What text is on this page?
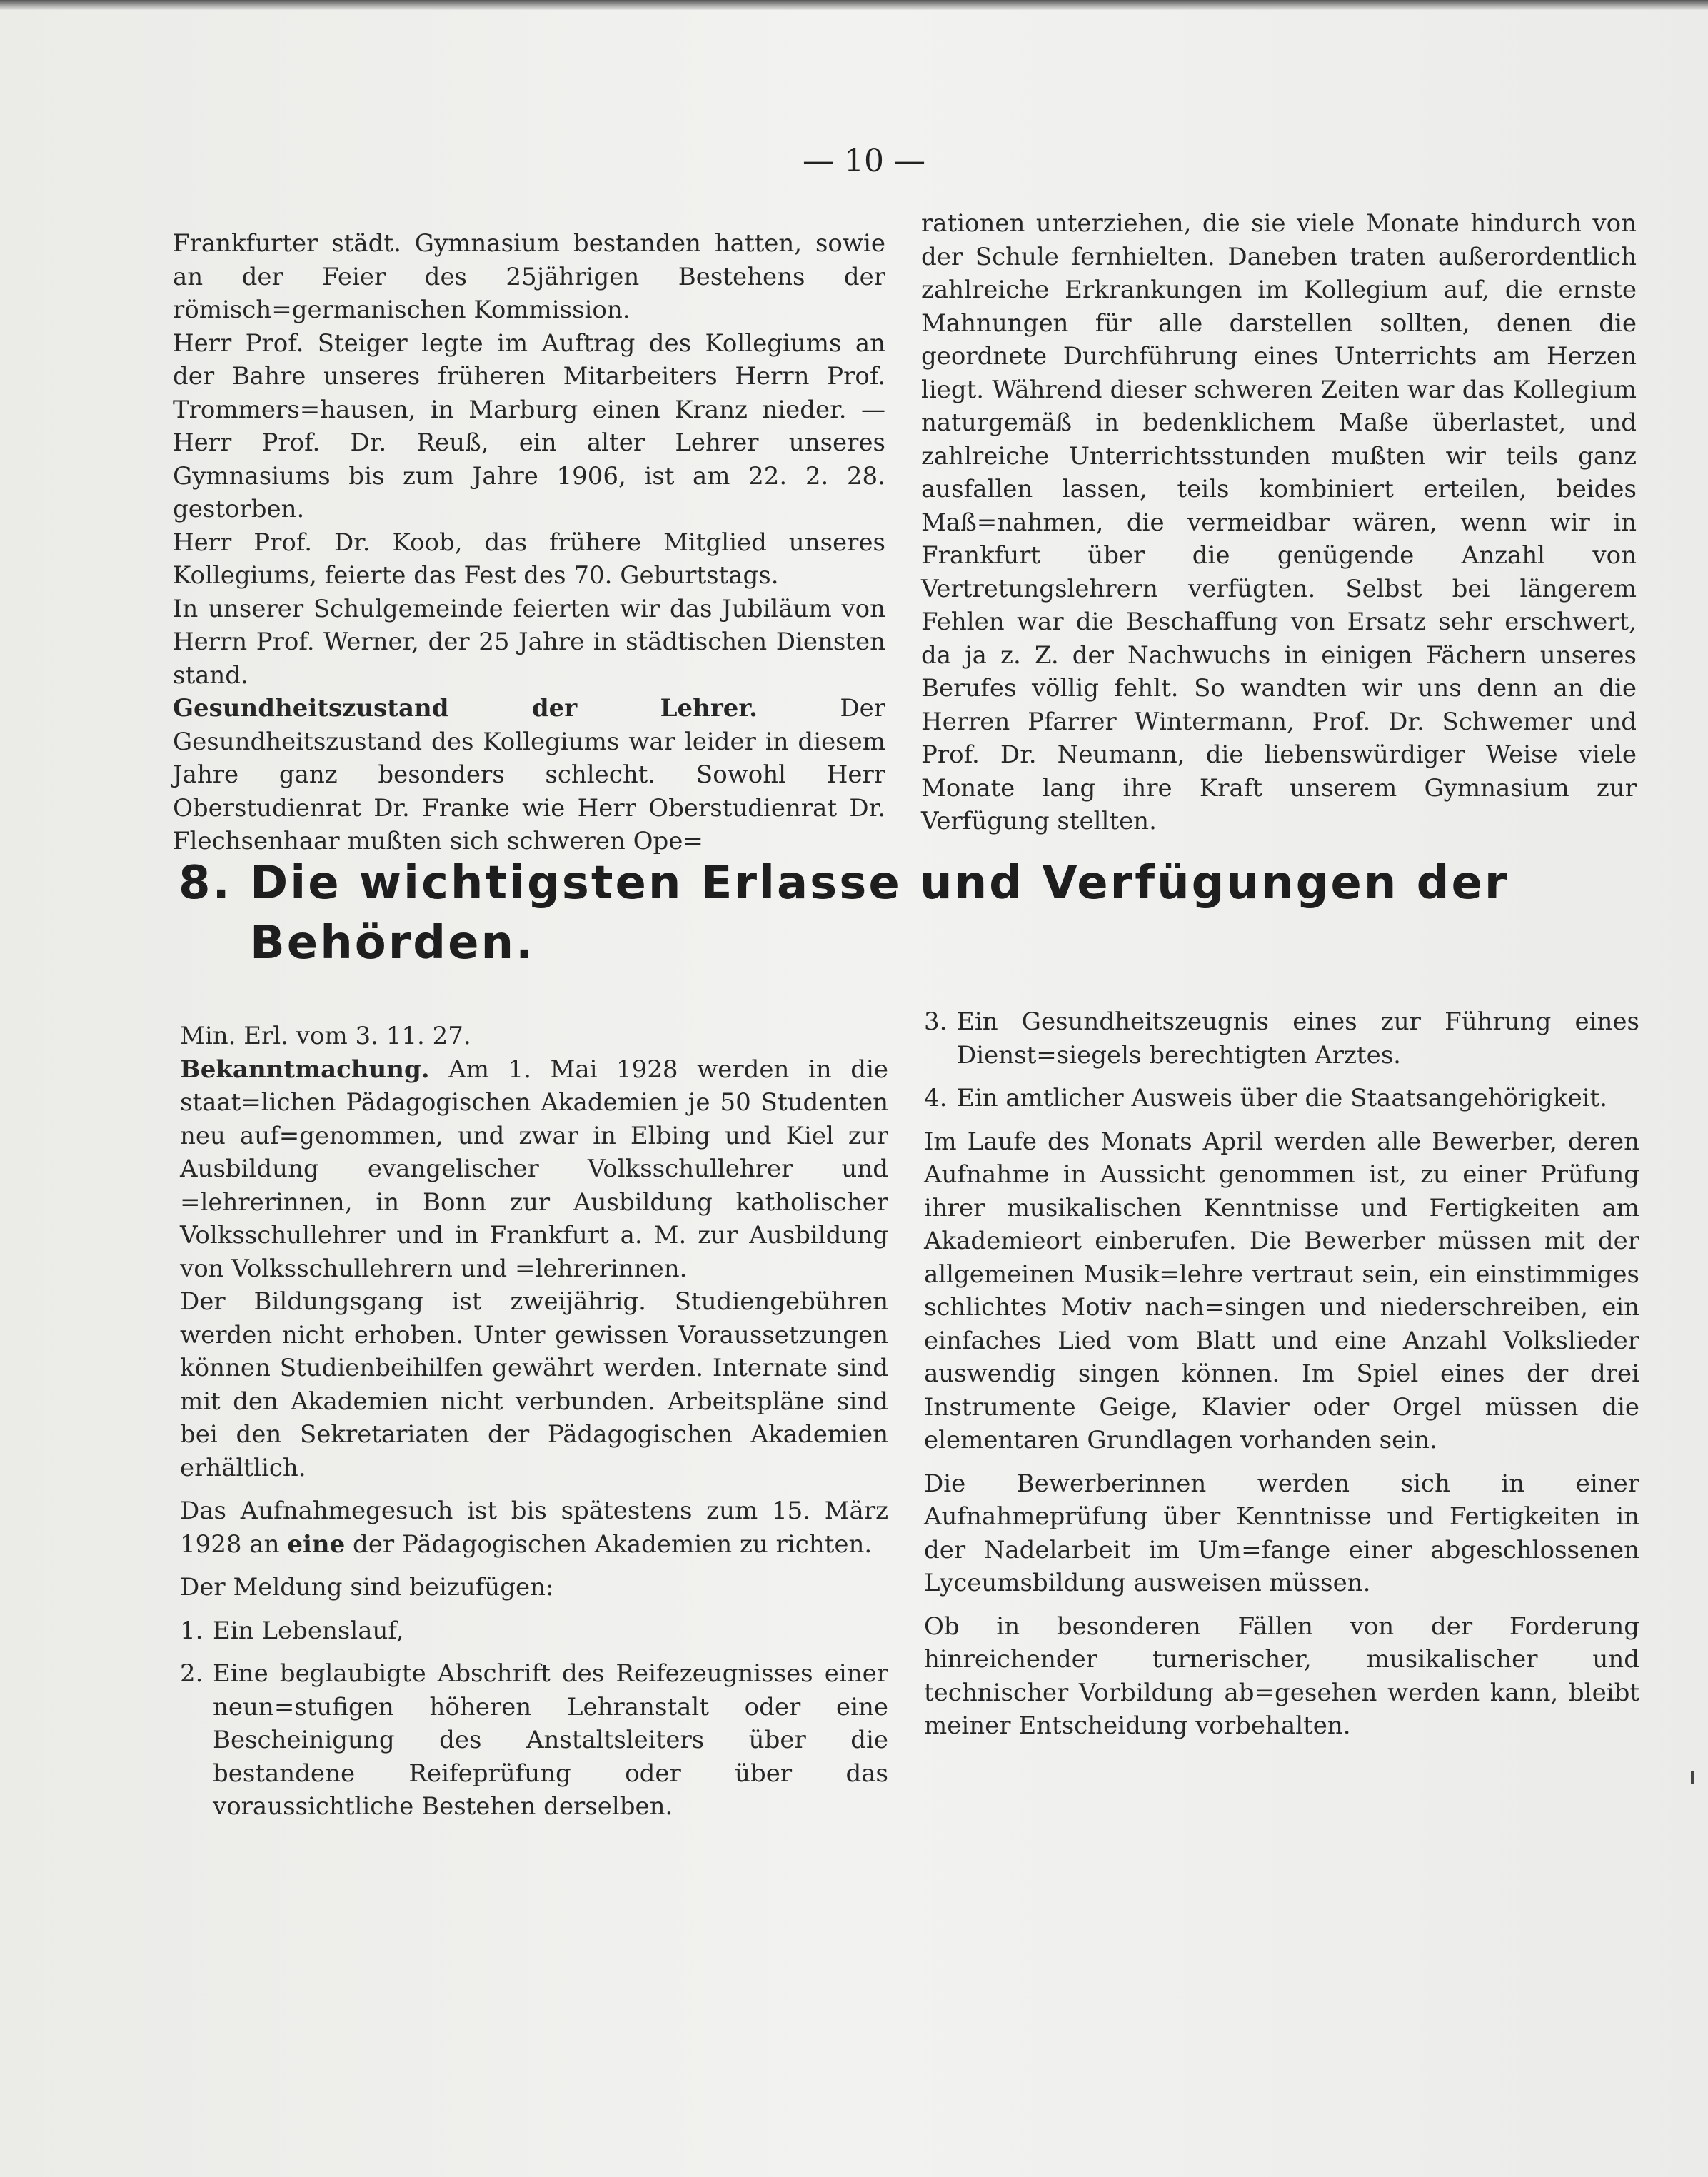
— 10 —

Frankfurter städt. Gymnasium bestanden hatten, sowie an der Feier des 25jährigen Bestehens der römisch=germanischen Kommission.

Herr Prof. Steiger legte im Auftrag des Kollegiums an der Bahre unseres früheren Mitarbeiters Herrn Prof. Trommers=hausen, in Marburg einen Kranz nieder. — Herr Prof. Dr. Reuß, ein alter Lehrer unseres Gymnasiums bis zum Jahre 1906, ist am 22. 2. 28. gestorben.

Herr Prof. Dr. Koob, das frühere Mitglied unseres Kollegiums, feierte das Fest des 70. Geburtstags.

In unserer Schulgemeinde feierten wir das Jubiläum von Herrn Prof. Werner, der 25 Jahre in städtischen Diensten stand.

Gesundheitszustand der Lehrer.	Der Gesundheitszustand des Kollegiums war leider in diesem Jahre ganz besonders schlecht. Sowohl Herr Oberstudienrat Dr. Franke wie Herr Oberstudienrat Dr. Flechsenhaar mußten sich schweren Ope=

rationen unterziehen, die sie viele Monate hindurch von der Schule fernhielten. Daneben traten außerordentlich zahlreiche Erkrankungen im Kollegium auf, die ernste Mahnungen für alle darstellen sollten, denen die geordnete Durchführung eines Unterrichts am Herzen liegt. Während dieser schweren Zeiten war das Kollegium naturgemäß in bedenklichem Maße überlastet, und zahlreiche Unterrichtsstunden mußten wir teils ganz ausfallen lassen, teils kombiniert erteilen, beides Maß=nahmen, die vermeidbar wären, wenn wir in Frankfurt über die genügende Anzahl von Vertretungslehrern verfügten. Selbst bei längerem Fehlen war die Beschaffung von Ersatz sehr erschwert, da ja z. Z. der Nachwuchs in einigen Fächern unseres Berufes völlig fehlt. So wandten wir uns denn an die Herren Pfarrer Wintermann, Prof. Dr. Schwemer und Prof. Dr. Neumann, die liebenswürdiger Weise viele Monate lang ihre Kraft unserem Gymnasium zur Verfügung stellten.

8. Die wichtigsten Erlasse und Verfügungen der
Behörden.

Min. Erl. vom 3. 11. 27.

Bekanntmachung. Am 1. Mai 1928 werden in die staat=lichen Pädagogischen Akademien je 50 Studenten neu auf=genommen, und zwar in Elbing und Kiel zur Ausbildung evangelischer Volksschullehrer und =lehrerinnen, in Bonn zur Ausbildung katholischer Volksschullehrer und in Frankfurt a. M. zur Ausbildung von Volksschullehrern und =lehrerinnen.

Der Bildungsgang ist zweijährig. Studiengebühren werden nicht erhoben. Unter gewissen Voraussetzungen können Studienbeihilfen gewährt werden. Internate sind mit den Akademien nicht verbunden. Arbeitspläne sind bei den Sekretariaten der Pädagogischen Akademien erhältlich.

Das Aufnahmegesuch ist bis spätestens zum 15. März 1928 an eine der Pädagogischen Akademien zu richten.

Der Meldung sind beizufügen:

1. Ein Lebenslauf,

2. Eine beglaubigte Abschrift des Reifezeugnisses einer neun=stufigen höheren Lehranstalt oder eine Bescheinigung des Anstaltsleiters über die bestandene Reifeprüfung oder über das voraussichtliche Bestehen derselben.

3. Ein Gesundheitszeugnis eines zur Führung eines Dienst=siegels berechtigten Arztes.

4. Ein amtlicher Ausweis über die Staatsangehörigkeit.

Im Laufe des Monats April werden alle Bewerber, deren Aufnahme in Aussicht genommen ist, zu einer Prüfung ihrer musikalischen Kenntnisse und Fertigkeiten am Akademieort einberufen. Die Bewerber müssen mit der allgemeinen Musik=lehre vertraut sein, ein einstimmiges schlichtes Motiv nach=singen und niederschreiben, ein einfaches Lied vom Blatt und eine Anzahl Volkslieder auswendig singen können. Im Spiel eines der drei Instrumente Geige, Klavier oder Orgel müssen die elementaren Grundlagen vorhanden sein.

Die Bewerberinnen werden sich in einer Aufnahmeprüfung über Kenntnisse und Fertigkeiten in der Nadelarbeit im Um=fange einer abgeschlossenen Lyceumsbildung ausweisen müssen.

Ob in besonderen Fällen von der Forderung hinreichender turnerischer, musikalischer und technischer Vorbildung ab=gesehen werden kann, bleibt meiner Entscheidung vorbehalten.
